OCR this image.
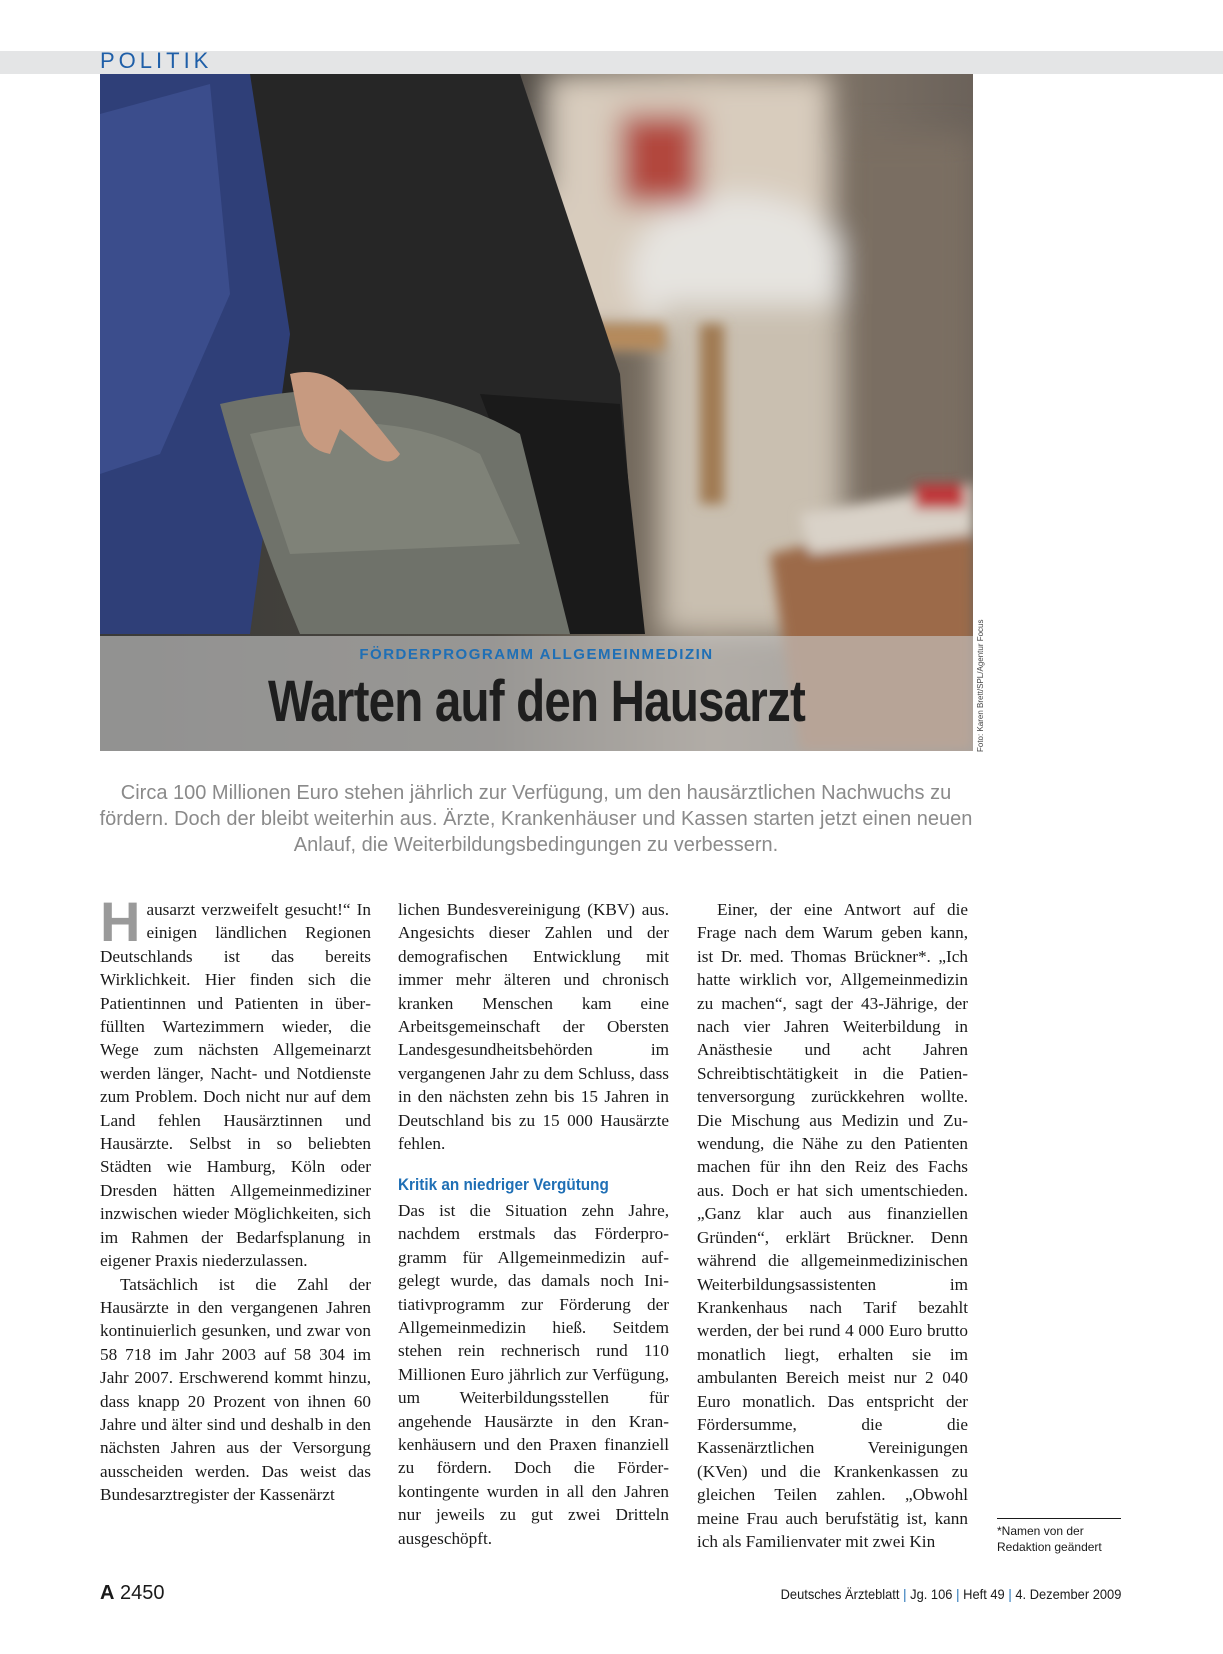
POLITIK
FÖRDERPROGRAMM ALLGEMEINMEDIZIN
Warten auf den Hausarzt	Foto: Karen Brett/SPL/Agentur Focus
Circa 100 Millionen Euro stehen jährlich zur Verfügung, um den hausärztlichen Nachwuchs zu fördern. Doch der bleibt weiterhin aus. Ärzte, Krankenhäuser und Kassen starten jetzt einen neuen Anlauf, die Weiterbildungsbedingungen zu verbessern.

Hausarzt verzweifelt gesucht!“ In einigen ländlichen Regionen Deutschlands ist das bereits Wirklichkeit. Hier finden sich die Patientinnen und Patienten in überfüllten Wartezimmern wieder, die Wege zum nächsten Allgemeinarzt werden länger, Nacht- und Notdienste zum Problem. Doch nicht nur auf dem Land fehlen Hausärztinnen und Hausärzte. Selbst in so beliebten Städten wie Hamburg, Köln oder Dresden hätten Allgemeinmediziner inzwischen wieder Möglichkeiten, sich im Rahmen der Bedarfsplanung in eigener Praxis niederzulassen.

Tatsächlich ist die Zahl der Hausärzte in den vergangenen Jahren kontinuierlich gesunken, und zwar von 58 718 im Jahr 2003 auf 58 304 im Jahr 2007. Erschwerend kommt hinzu, dass knapp 20 Prozent von ihnen 60 Jahre und älter sind und deshalb in den nächsten Jahren aus der Versorgung ausscheiden werden. Das weist das Bundesarztregister der Kassenärzt

lichen Bundesvereinigung (KBV) aus. Angesichts dieser Zahlen und der demografischen Entwicklung mit immer mehr älteren und chronisch kranken Menschen kam eine Arbeitsgemeinschaft der Obersten Landesgesundheitsbehörden im vergangenen Jahr zu dem Schluss, dass in den nächsten zehn bis 15 Jahren in Deutschland bis zu 15 000 Hausärzte fehlen.

Kritik an niedriger Vergütung

Das ist die Situation zehn Jahre, nachdem erstmals das Förderprogramm für Allgemeinmedizin aufgelegt wurde, das damals noch Initiativprogramm zur Förderung der Allgemeinmedizin hieß. Seitdem stehen rein rechnerisch rund 110 Millionen Euro jährlich zur Verfügung, um Weiterbildungsstellen für angehende Hausärzte in den Krankenhäusern und den Praxen finanziell zu fördern. Doch die Förderkontingente wurden in all den Jahren nur jeweils zu gut zwei Dritteln ausgeschöpft.

Einer, der eine Antwort auf die Frage nach dem Warum geben kann, ist Dr. med. Thomas Brückner*. „Ich hatte wirklich vor, Allgemeinmedizin zu machen“, sagt der 43-Jährige, der nach vier Jahren Weiterbildung in Anästhesie und acht Jahren Schreibtischtätigkeit in die Patientenversorgung zurückkehren wollte. Die Mischung aus Medizin und Zuwendung, die Nähe zu den Patienten machen für ihn den Reiz des Fachs aus. Doch er hat sich umentschieden. „Ganz klar auch aus finanziellen Gründen“, erklärt Brückner. Denn während die allgemeinmedizinischen Weiterbildungsassistenten im Krankenhaus nach Tarif bezahlt werden, der bei rund 4 000 Euro brutto monatlich liegt, erhalten sie im ambulanten Bereich meist nur 2 040 Euro monatlich. Das entspricht der Fördersumme, die die Kassenärztlichen Vereinigungen (KVen) und die Krankenkassen zu gleichen Teilen zahlen. „Obwohl meine Frau auch berufstätig ist, kann ich als Familienvater mit zwei Kin

*Namen von der Redaktion geändert
A 2450	Deutsches Ärzteblatt | Jg. 106 | Heft 49 | 4. Dezember 2009
